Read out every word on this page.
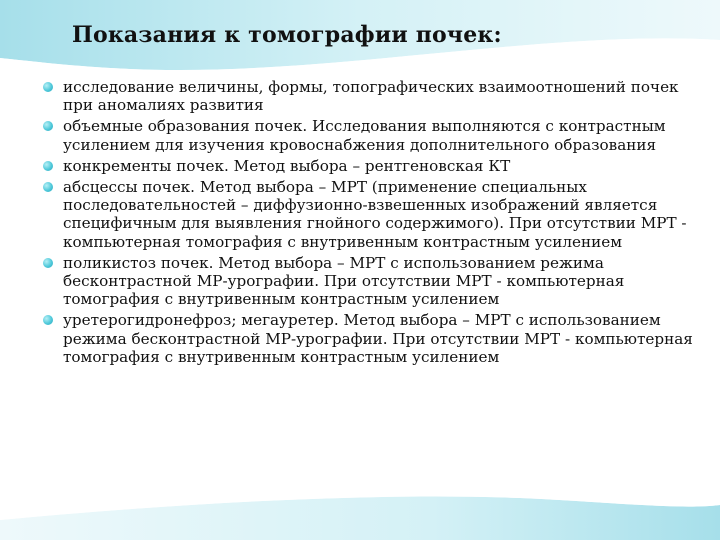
Показания к томографии почек:
исследование величины, формы, топографических взаимоотношений почек при аномалиях развития
объемные образования почек. Исследования выполняются с контрастным усилением для изучения кровоснабжения дополнительного образования
конкременты почек. Метод выбора – рентгеновская КТ
абсцессы почек. Метод выбора – МРТ (применение специальных последовательностей – диффузионно-взвешенных изображений является специфичным для выявления гнойного содержимого). При отсутствии МРТ - компьютерная томография с внутривенным контрастным усилением
поликистоз почек. Метод выбора – МРТ с использованием режима бесконтрастной МР-урографии. При отсутствии МРТ - компьютерная томография с внутривенным контрастным усилением
уретерогидронефроз; мегауретер. Метод выбора – МРТ с использованием режима бесконтрастной МР-урографии. При отсутствии МРТ - компьютерная томография с внутривенным контрастным усилением
